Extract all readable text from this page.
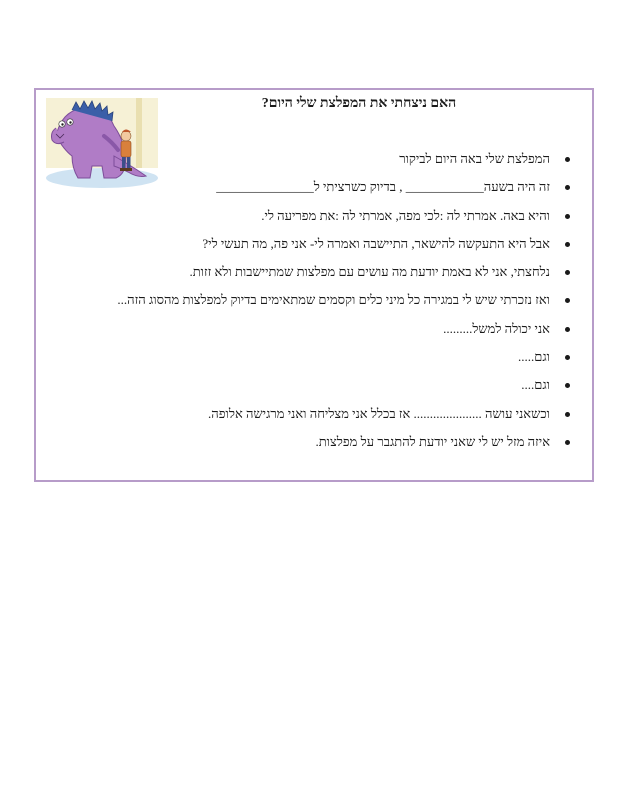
האם ניצחתי את המפלצת שלי היום?
המפלצת שלי באה היום לביקור
זה היה בשעה____________ , בדיוק כשרציתי ל_______________
והיא באה. אמרתי לה :לכי מפה, אמרתי לה :את מפריעה לי.
אבל היא התעקשה להישאר, התיישבה ואמרה לי- אני פה, מה תעשי לי?
נלחצתי, אני לא באמת יודעת מה עושים עם מפלצות שמתיישבות ולא זזות.
ואז נזכרתי שיש לי במגירה כל מיני כלים וקסמים שמתאימים בדיוק למפלצות מהסוג הזה...
אני יכולה למשל.........
וגם.....
וגם....
וכשאני עושה ..................... אז בכלל אני מצליחה ואני מרגישה אלופה.
איזה מזל יש לי שאני יודעת להתגבר על מפלצות.
